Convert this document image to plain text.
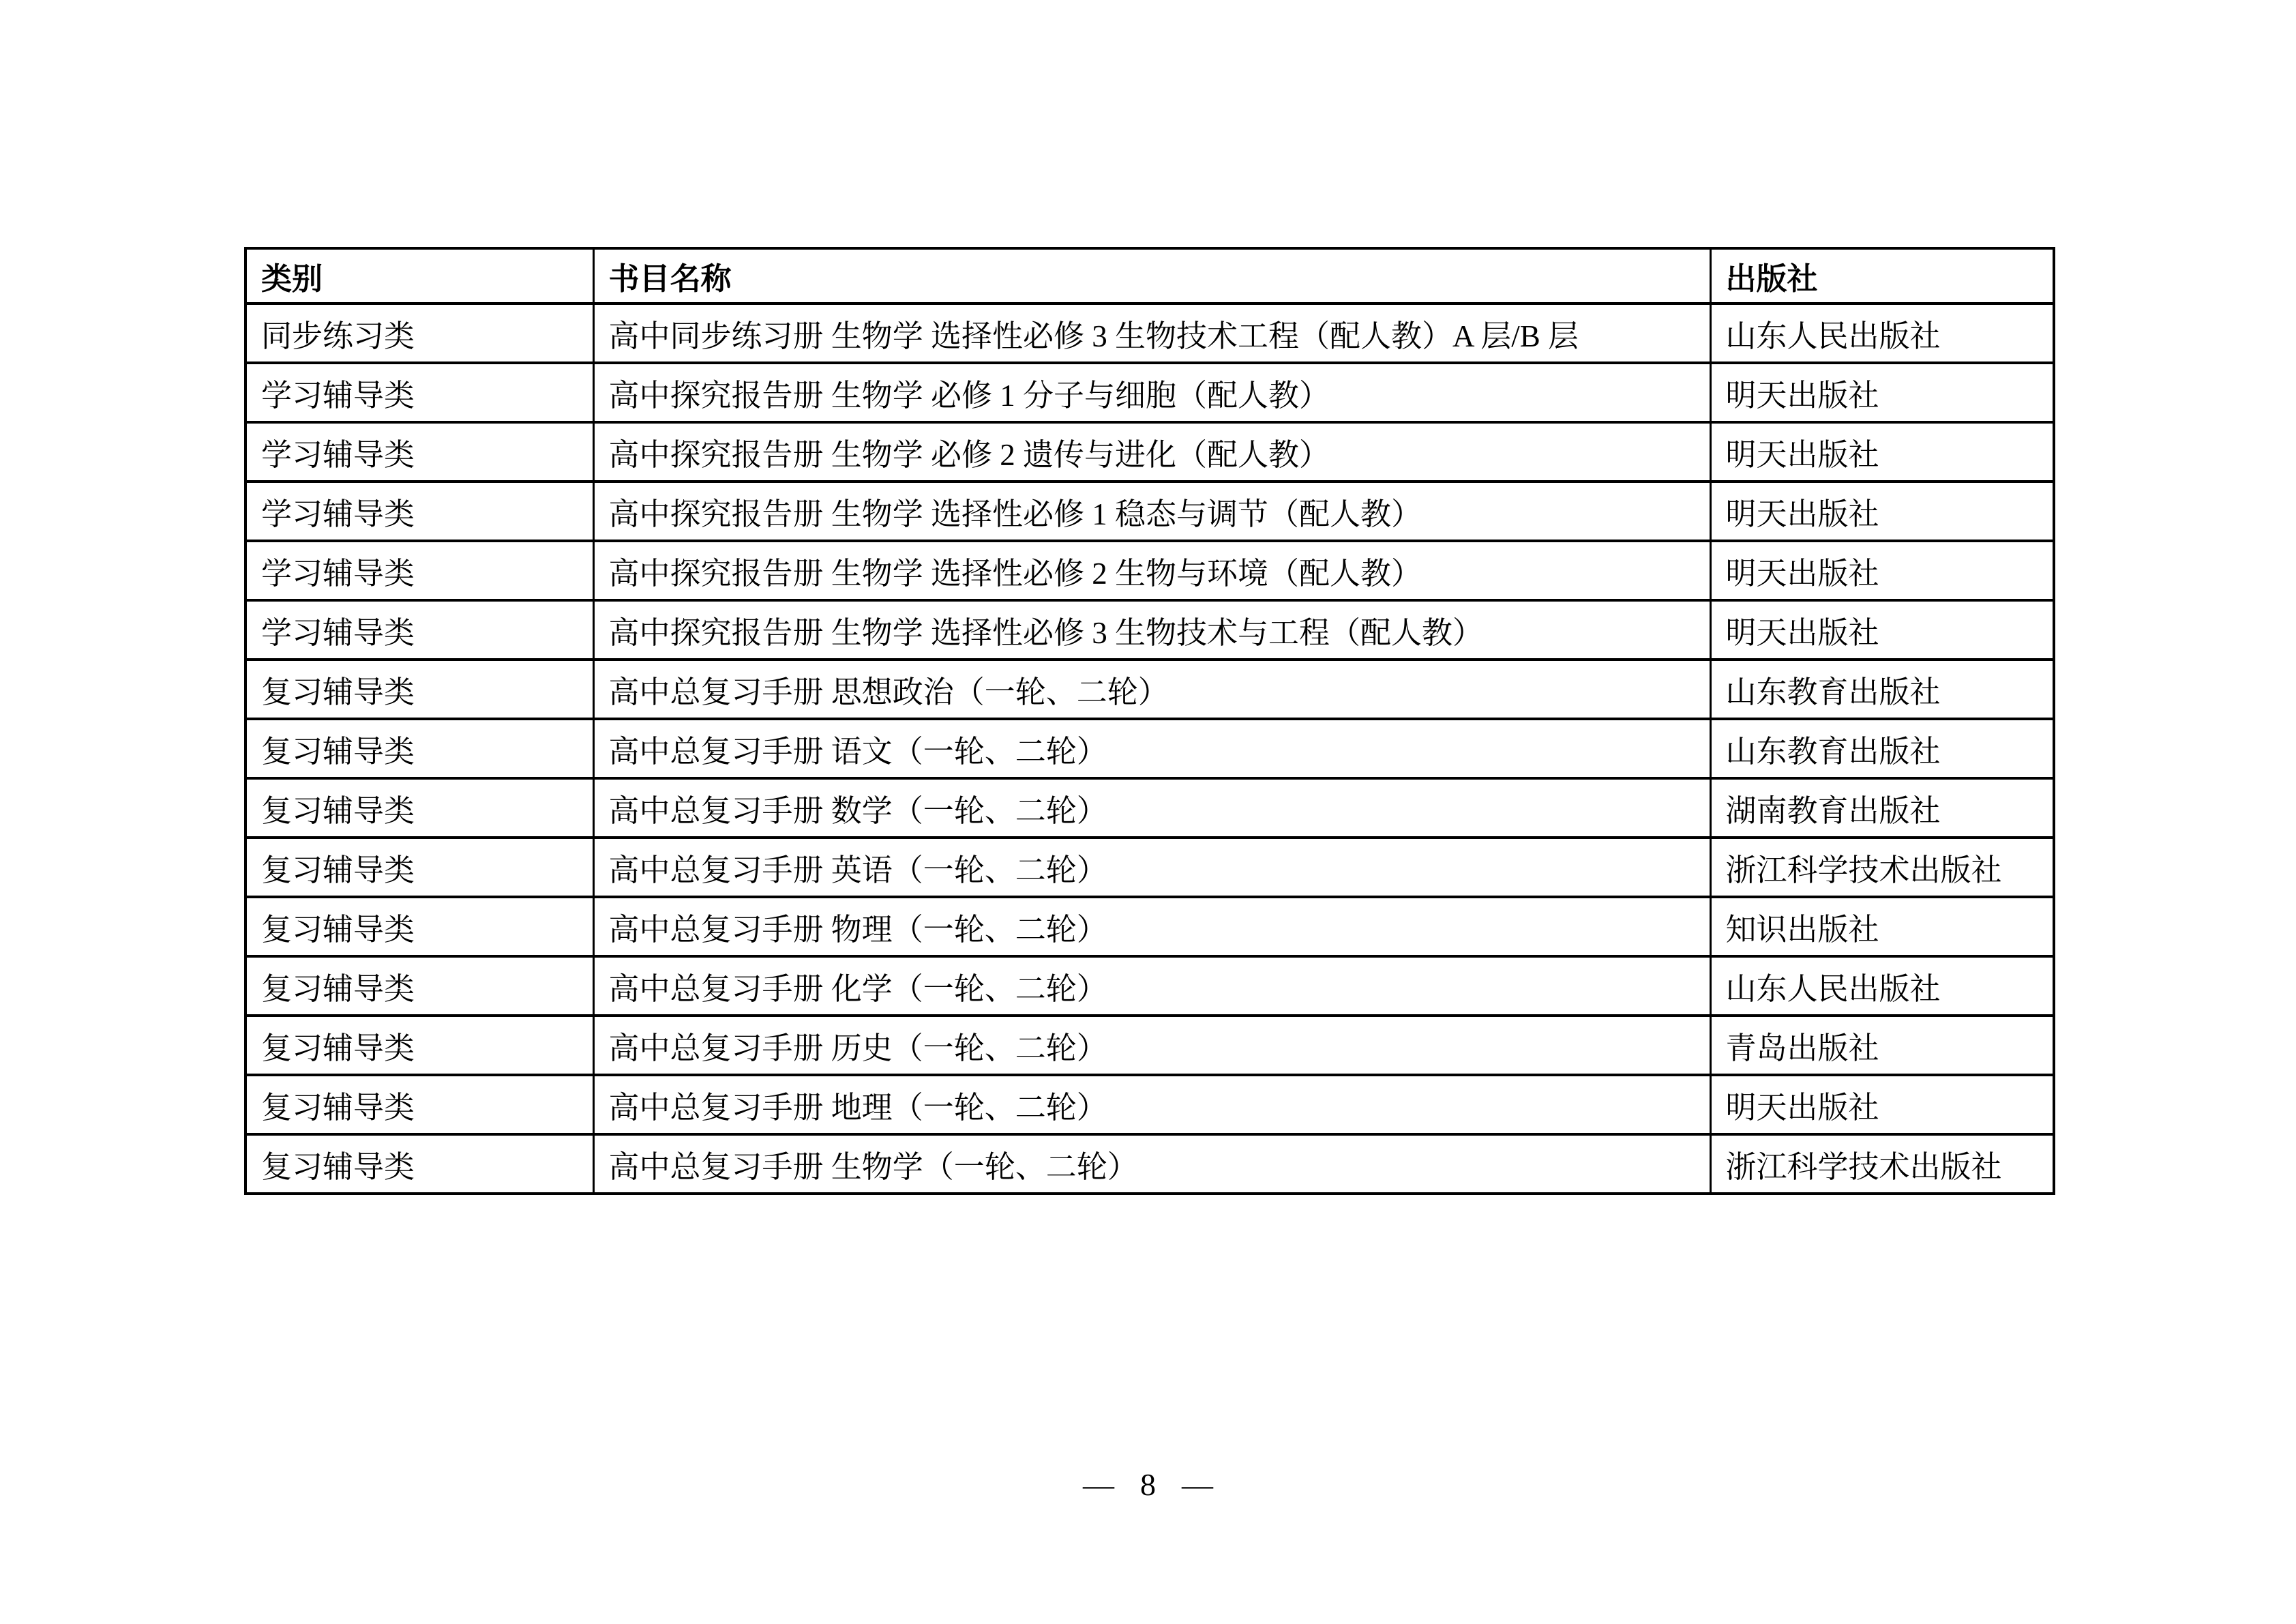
类别	书目名称	出版社
同步练习类	高中同步练习册 生物学 选择性必修 3 生物技术工程（配人教）A 层/B 层	山东人民出版社
学习辅导类	高中探究报告册 生物学 必修 1 分子与细胞（配人教）	明天出版社
学习辅导类	高中探究报告册 生物学 必修 2 遗传与进化（配人教）	明天出版社
学习辅导类	高中探究报告册 生物学 选择性必修 1 稳态与调节（配人教）	明天出版社
学习辅导类	高中探究报告册 生物学 选择性必修 2 生物与环境（配人教）	明天出版社
学习辅导类	高中探究报告册 生物学 选择性必修 3 生物技术与工程（配人教）	明天出版社
复习辅导类	高中总复习手册 思想政治（一轮、二轮）	山东教育出版社
复习辅导类	高中总复习手册 语文（一轮、二轮）	山东教育出版社
复习辅导类	高中总复习手册 数学（一轮、二轮）	湖南教育出版社
复习辅导类	高中总复习手册 英语（一轮、二轮）	浙江科学技术出版社
复习辅导类	高中总复习手册 物理（一轮、二轮）	知识出版社
复习辅导类	高中总复习手册 化学（一轮、二轮）	山东人民出版社
复习辅导类	高中总复习手册 历史（一轮、二轮）	青岛出版社
复习辅导类	高中总复习手册 地理（一轮、二轮）	明天出版社
复习辅导类	高中总复习手册 生物学（一轮、二轮）	浙江科学技术出版社
— 8 —
